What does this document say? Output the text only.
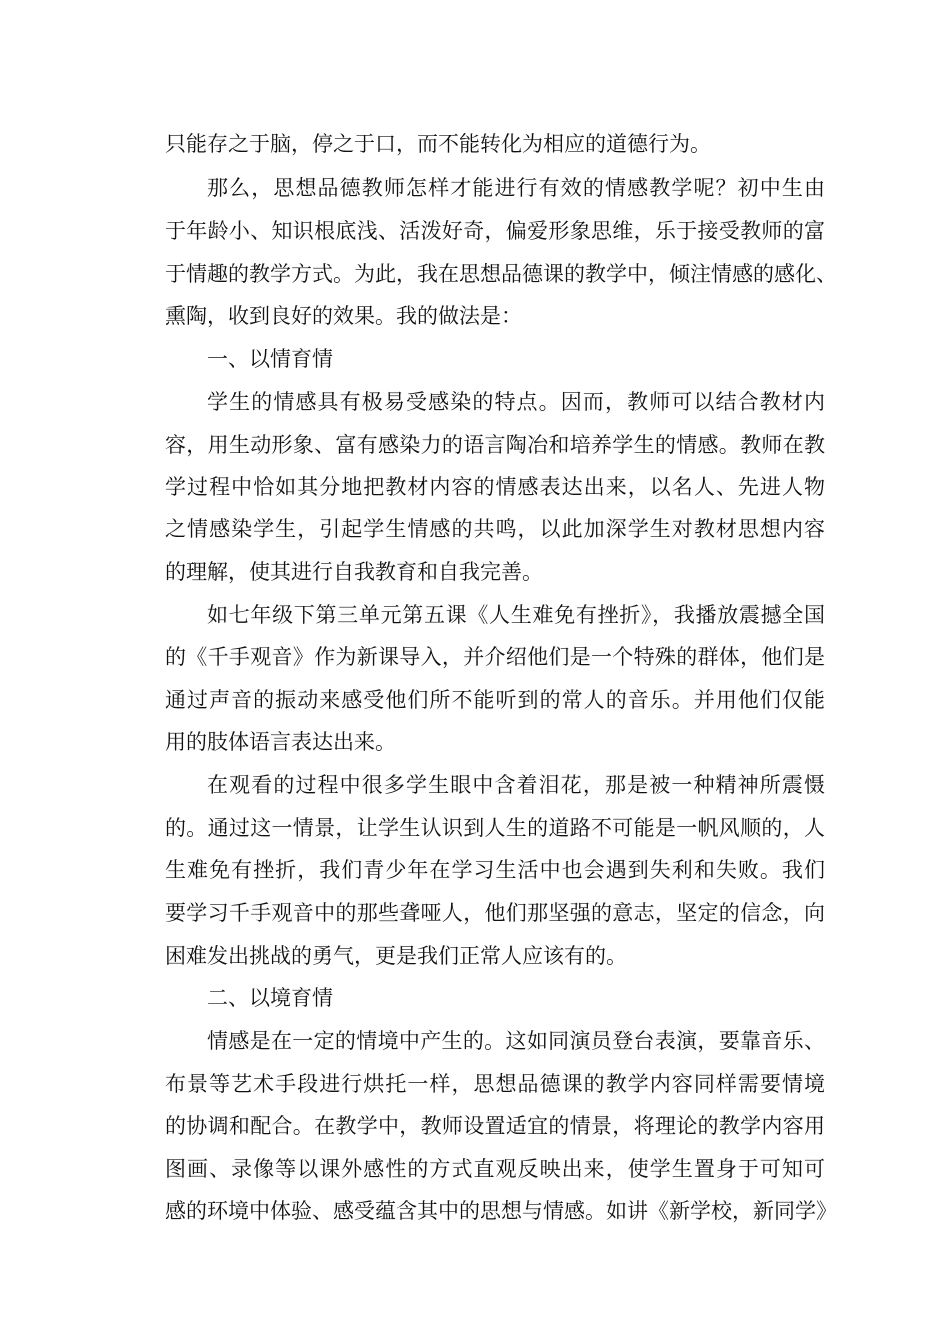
只能存之于脑，停之于口，而不能转化为相应的道德行为。
那么，思想品德教师怎样才能进行有效的情感教学呢？初中生由
于年龄小、知识根底浅、活泼好奇，偏爱形象思维，乐于接受教师的富
于情趣的教学方式。为此，我在思想品德课的教学中，倾注情感的感化、
熏陶，收到良好的效果。我的做法是：
一、以情育情
学生的情感具有极易受感染的特点。因而，教师可以结合教材内
容，用生动形象、富有感染力的语言陶冶和培养学生的情感。教师在教
学过程中恰如其分地把教材内容的情感表达出来，以名人、先进人物
之情感染学生，引起学生情感的共鸣，以此加深学生对教材思想内容
的理解，使其进行自我教育和自我完善。
如七年级下第三单元第五课《人生难免有挫折》，我播放震撼全国
的《千手观音》作为新课导入，并介绍他们是一个特殊的群体，他们是
通过声音的振动来感受他们所不能听到的常人的音乐。并用他们仅能
用的肢体语言表达出来。
在观看的过程中很多学生眼中含着泪花，那是被一种精神所震慑
的。通过这一情景，让学生认识到人生的道路不可能是一帆风顺的，人
生难免有挫折，我们青少年在学习生活中也会遇到失利和失败。我们
要学习千手观音中的那些聋哑人，他们那坚强的意志，坚定的信念，向
困难发出挑战的勇气，更是我们正常人应该有的。
二、以境育情
情感是在一定的情境中产生的。这如同演员登台表演，要靠音乐、
布景等艺术手段进行烘托一样，思想品德课的教学内容同样需要情境
的协调和配合。在教学中，教师设置适宜的情景，将理论的教学内容用
图画、录像等以课外感性的方式直观反映出来，使学生置身于可知可
感的环境中体验、感受蕴含其中的思想与情感。如讲《新学校，新同学》
